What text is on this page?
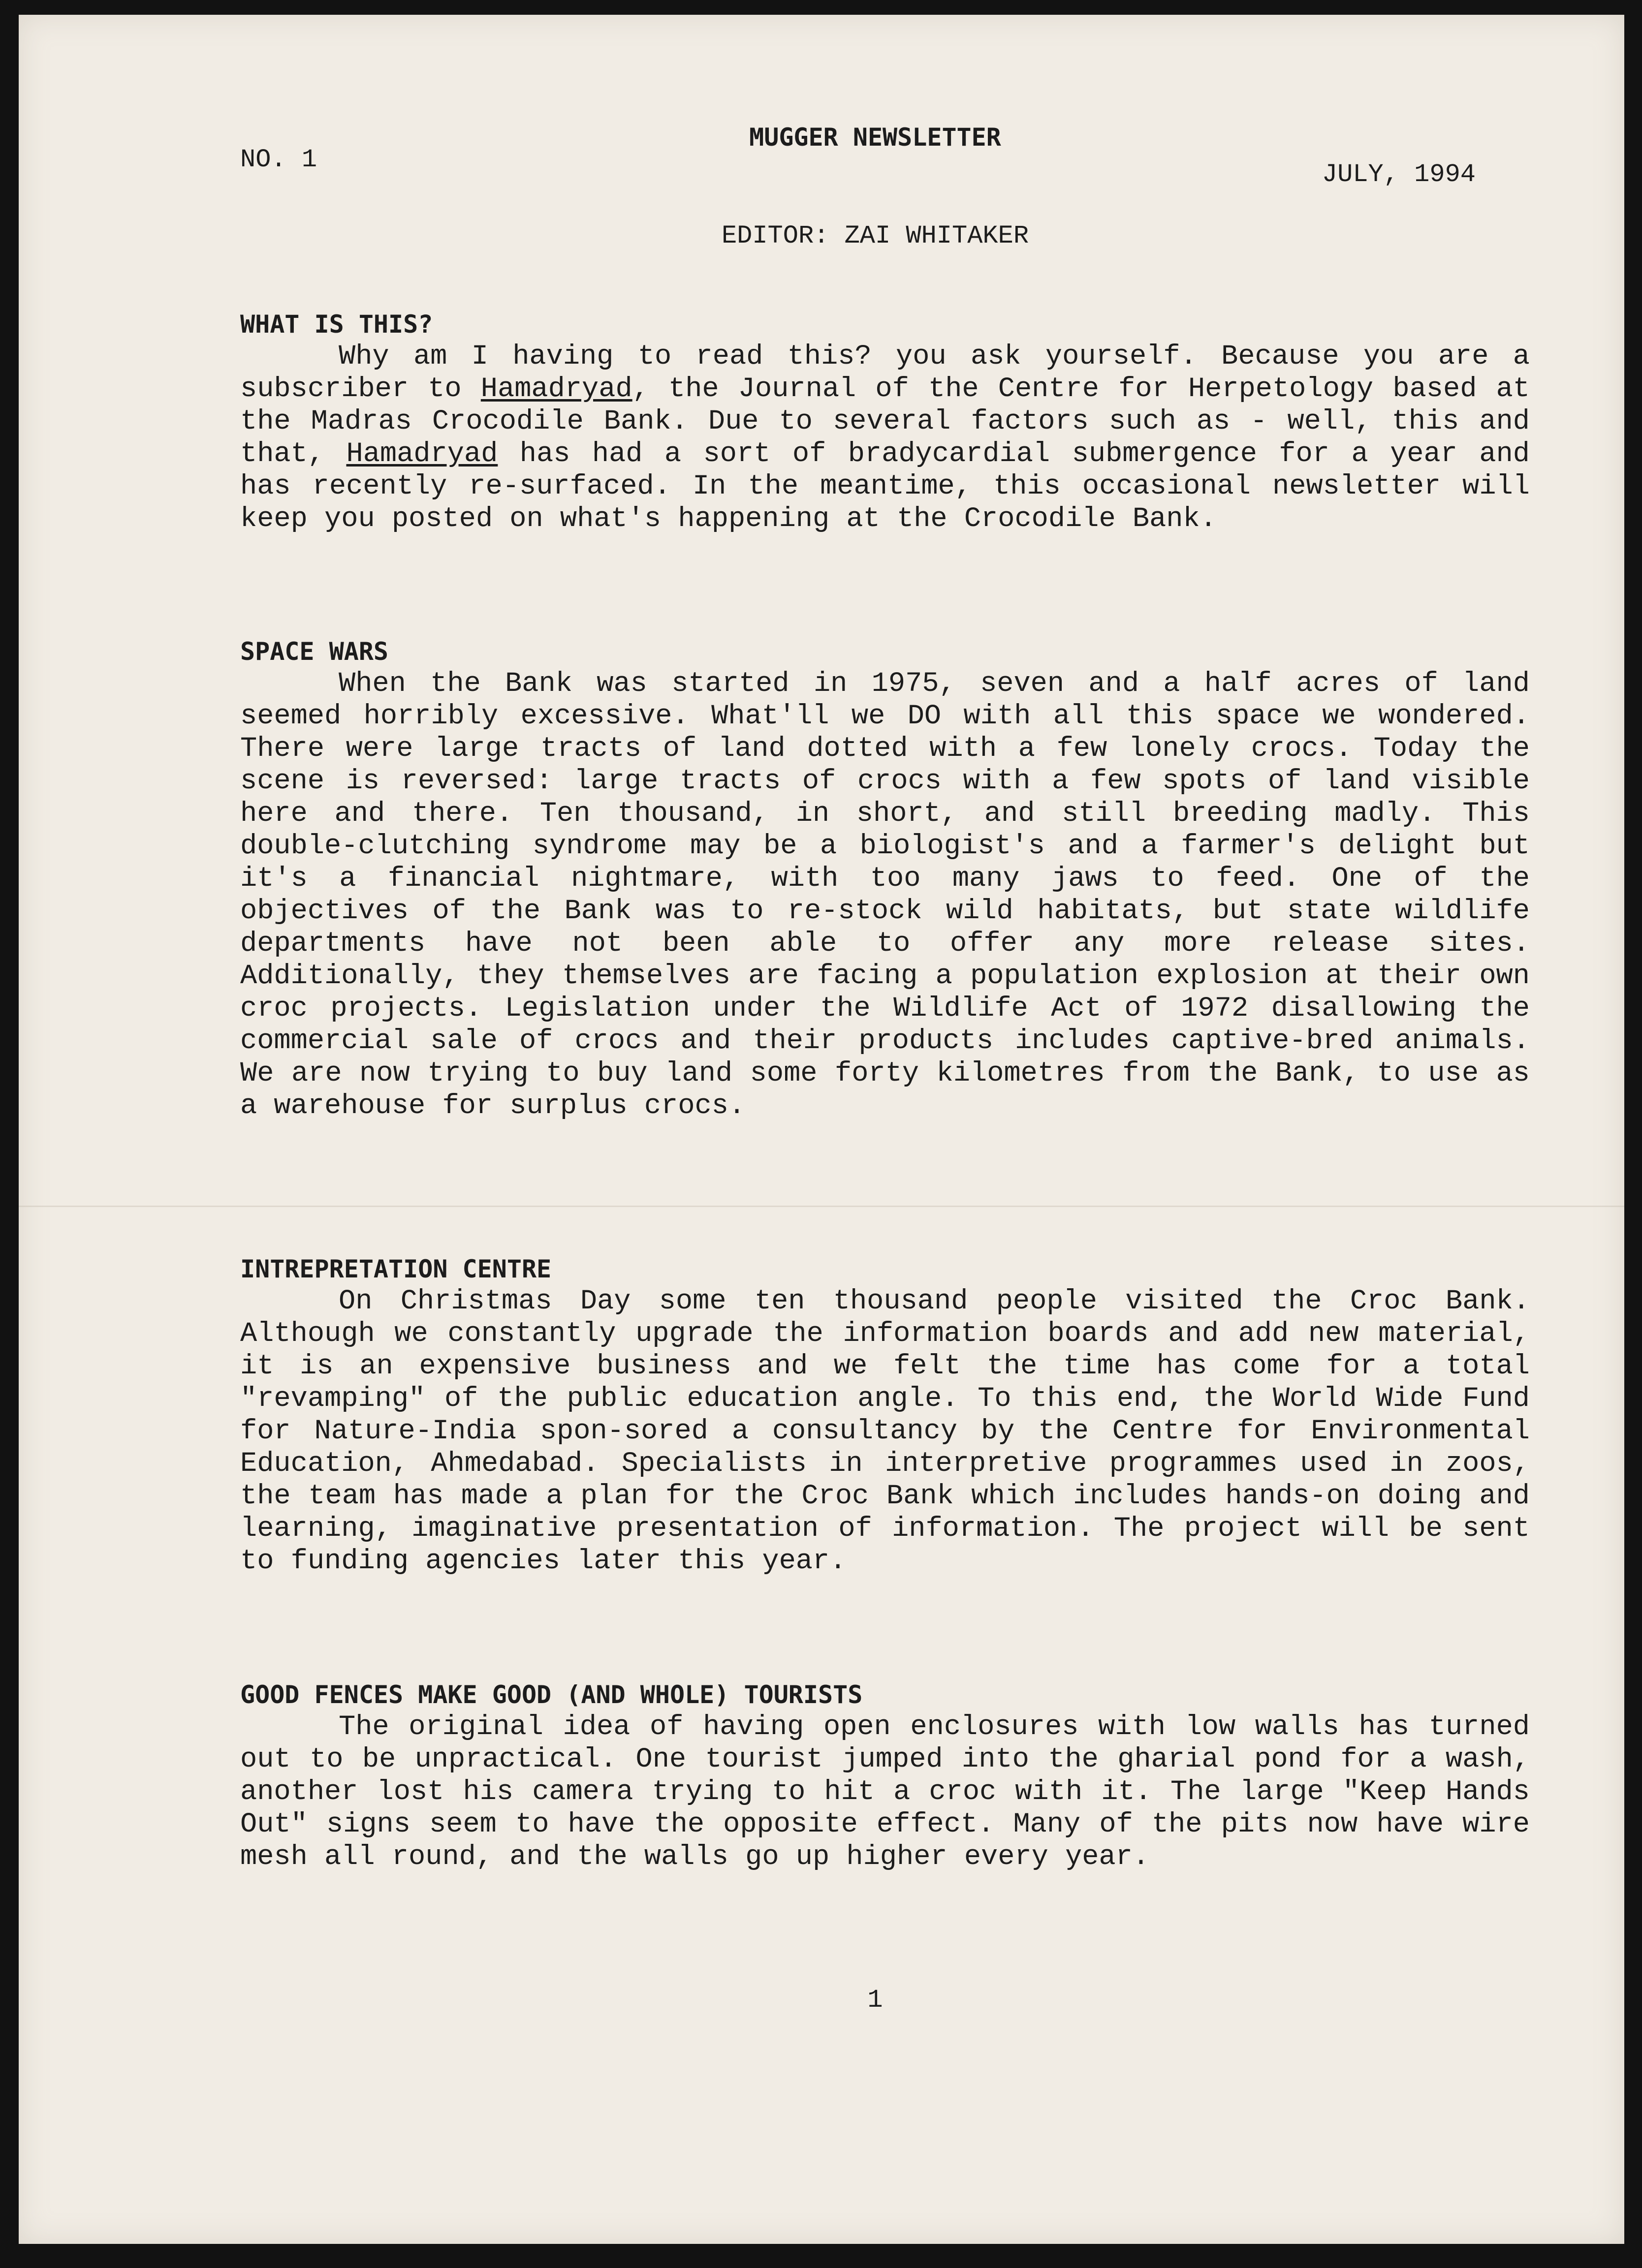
MUGGER NEWSLETTER
NO. 1
JULY, 1994
EDITOR: ZAI WHITAKER
WHAT IS THIS?

Why am I having to read this? you ask yourself. Because you are a subscriber to Hamadryad, the Journal of the Centre for Herpetology based at the Madras Crocodile Bank. Due to several factors such as - well, this and that, Hamadryad has had a sort of bradycardial submergence for a year and has recently re-surfaced. In the meantime, this occasional newsletter will keep you posted on what's happening at the Crocodile Bank.

SPACE WARS

When the Bank was started in 1975, seven and a half acres of land seemed horribly excessive. What'll we DO with all this space we wondered. There were large tracts of land dotted with a few lonely crocs. Today the scene is reversed: large tracts of crocs with a few spots of land visible here and there. Ten thousand, in short, and still breeding madly. This double-clutching syndrome may be a biologist's and a farmer's delight but it's a financial nightmare, with too many jaws to feed. One of the objectives of the Bank was to re-stock wild habitats, but state wildlife departments have not been able to offer any more release sites. Additionally, they themselves are facing a population explosion at their own croc projects. Legislation under the Wildlife Act of 1972 disallowing the commercial sale of crocs and their products includes captive-bred animals. We are now trying to buy land some forty kilometres from the Bank, to use as a warehouse for surplus crocs.

INTREPRETATION CENTRE

On Christmas Day some ten thousand people visited the Croc Bank. Although we constantly upgrade the information boards and add new material, it is an expensive business and we felt the time has come for a total "revamping" of the public education angle. To this end, the World Wide Fund for Nature-India spon-sored a consultancy by the Centre for Environmental Education, Ahmedabad. Specialists in interpretive programmes used in zoos, the team has made a plan for the Croc Bank which includes hands-on doing and learning, imaginative presentation of information. The project will be sent to funding agencies later this year.

GOOD FENCES MAKE GOOD (AND WHOLE) TOURISTS

The original idea of having open enclosures with low walls has turned out to be unpractical. One tourist jumped into the gharial pond for a wash, another lost his camera trying to hit a croc with it. The large "Keep Hands Out" signs seem to have the opposite effect. Many of the pits now have wire mesh all round, and the walls go up higher every year.

1
